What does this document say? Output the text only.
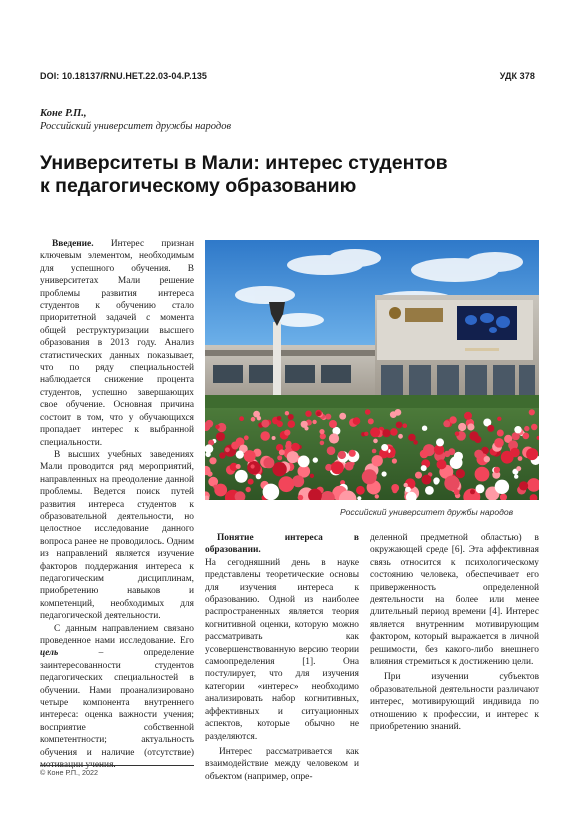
DOI: 10.18137/RNU.HET.22.03-04.P.135	УДК 378
Коне Р.П.,
Российский университет дружбы народов
Университеты в Мали: интерес студентов
к педагогическому образованию

Введение. Интерес признан ключевым элементом, необходимым для успешного обучения. В университетах Мали решение проблемы развития интереса студентов к обучению стало приоритетной задачей с момента общей реструктуризации высшего образования в 2013 году. Анализ статистических данных показывает, что по ряду специальностей наблюдается снижение процента студентов, успешно завершающих свое обучение. Основная причина состоит в том, что у обучающихся пропадает интерес к выбранной специальности.

В высших учебных заведениях Мали проводится ряд мероприятий, направленных на преодоление данной проблемы. Ведется поиск путей развития интереса студентов к образовательной деятельности, но целостное исследование данного вопроса ранее не проводилось. Одним из направлений является изучение факторов поддержания интереса к педагогическим дисциплинам, приобретению навыков и компетенций, необходимых для педагогической деятельности.

С данным направлением связано проведенное нами исследование. Его цель – определение заинтересованности студентов педагогических специальностей в обучении. Нами проанализировано четыре компонента внутреннего интереса: оценка важности учения; восприятие собственной компетентности; актуальность обучения и наличие (отсутствие) мотивации учения.

Российский университет дружбы народов

Понятие интереса в образовании.

На сегодняшний день в науке представлены теоретические основы для изучения интереса к образованию. Одной из наиболее распространенных является теория когнитивной оценки, которую можно рассматривать как усовершенствованную версию теории самоопределения [1]. Она постулирует, что для изучения категории «интерес» необходимо анализировать набор когнитивных, аффективных и ситуационных аспектов, которые обычно не разделяются.

Интерес рассматривается как взаимодействие между человеком и объектом (например, опре-

деленной предметной областью) в окружающей среде [6]. Эта аффективная связь относится к психологическому состоянию человека, обеспечивает его приверженность определенной деятельности на более или менее длительный период времени [4]. Интерес является внутренним мотивирующим фактором, который выражается в личной решимости, без какого-либо внешнего влияния стремиться к достижению цели.

При изучении субъектов образовательной деятельности различают интерес, мотивирующий индивида по отношению к профессии, и интерес к приобретению знаний.

© Коне Р.П., 2022
